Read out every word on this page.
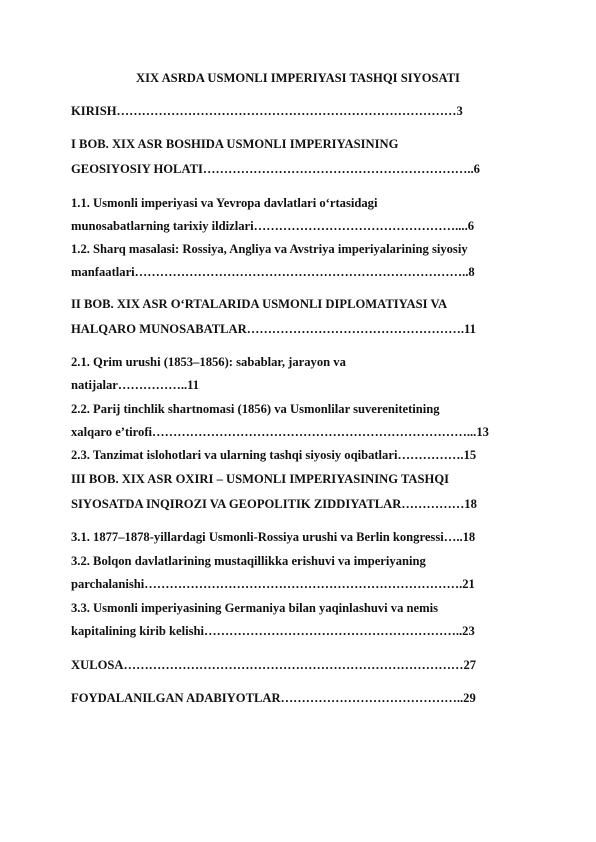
XIX ASRDA USMONLI IMPERIYASI TASHQI SIYOSATI
KIRISH………………………………………………………………………3
I BOB. XIX ASR BOSHIDA USMONLI IMPERIYASINING
GEOSIYOSIY HOLATI………………………………………………………..6
1.1. Usmonli imperiyasi va Yevropa davlatlari o‘rtasidagi
munosabatlarning tarixiy ildizlari…………………………………………....6
1.2. Sharq masalasi: Rossiya, Angliya va Avstriya imperiyalarining siyosiy
manfaatlari……………………………………………………………………..8
II BOB. XIX ASR O‘RTALARIDA USMONLI DIPLOMATIYASI VA
HALQARO MUNOSABATLAR…………………………………………….11
2.1. Qrim urushi (1853–1856): sabablar, jarayon va
natijalar……………..11
2.2. Parij tinchlik shartnomasi (1856) va Usmonlilar suverenitetining
xalqaro e’tirofi…………………………………………………………………...13
2.3. Tanzimat islohotlari va ularning tashqi siyosiy oqibatlari…………….15
III BOB. XIX ASR OXIRI – USMONLI IMPERIYASINING TASHQI
SIYOSATDA INQIROZI VA GEOPOLITIK ZIDDIYATLAR……………18
3.1. 1877–1878-yillardagi Usmonli-Rossiya urushi va Berlin kongressi…..18
3.2. Bolqon davlatlarining mustaqillikka erishuvi va imperiyaning
parchalanishi………………………………………………………………….21
3.3. Usmonli imperiyasining Germaniya bilan yaqinlashuvi va nemis
kapitalining kirib kelishi……………………………………………………..23
XULOSA………………………………………………………………………27
FOYDALANILGAN ADABIYOTLAR……………………………………..29
